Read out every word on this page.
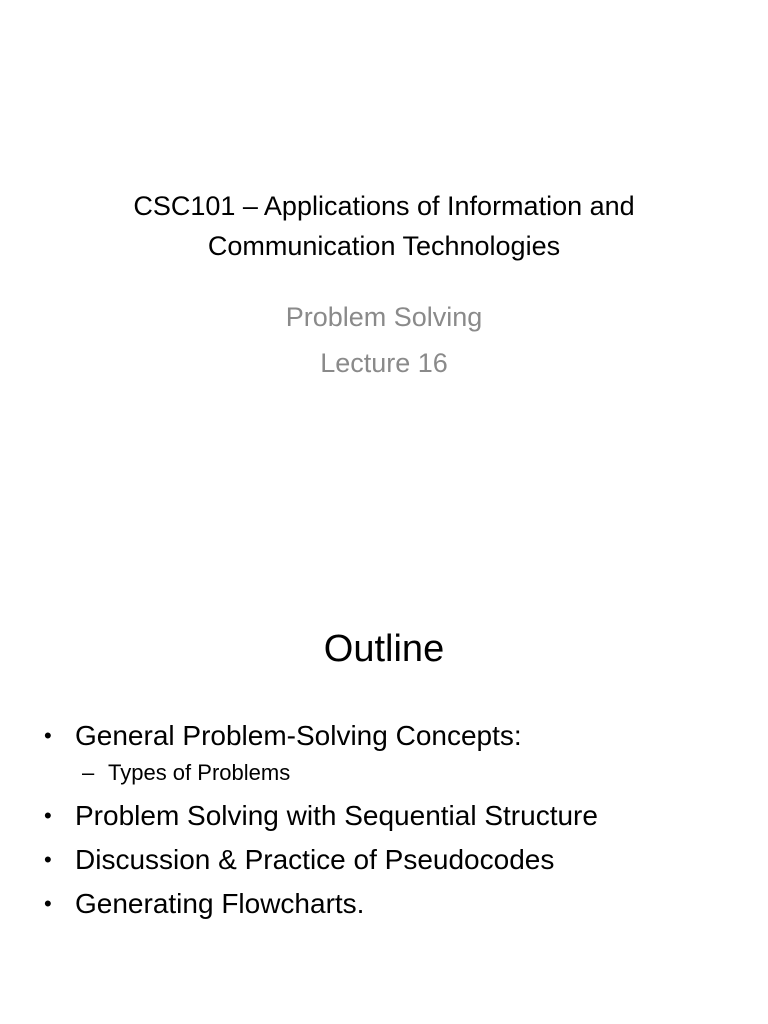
CSC101 – Applications of Information and
Communication Technologies
Problem Solving
Lecture 16
Outline
• General Problem-Solving Concepts:
– Types of Problems
• Problem Solving with Sequential Structure
• Discussion & Practice of Pseudocodes
• Generating Flowcharts.
